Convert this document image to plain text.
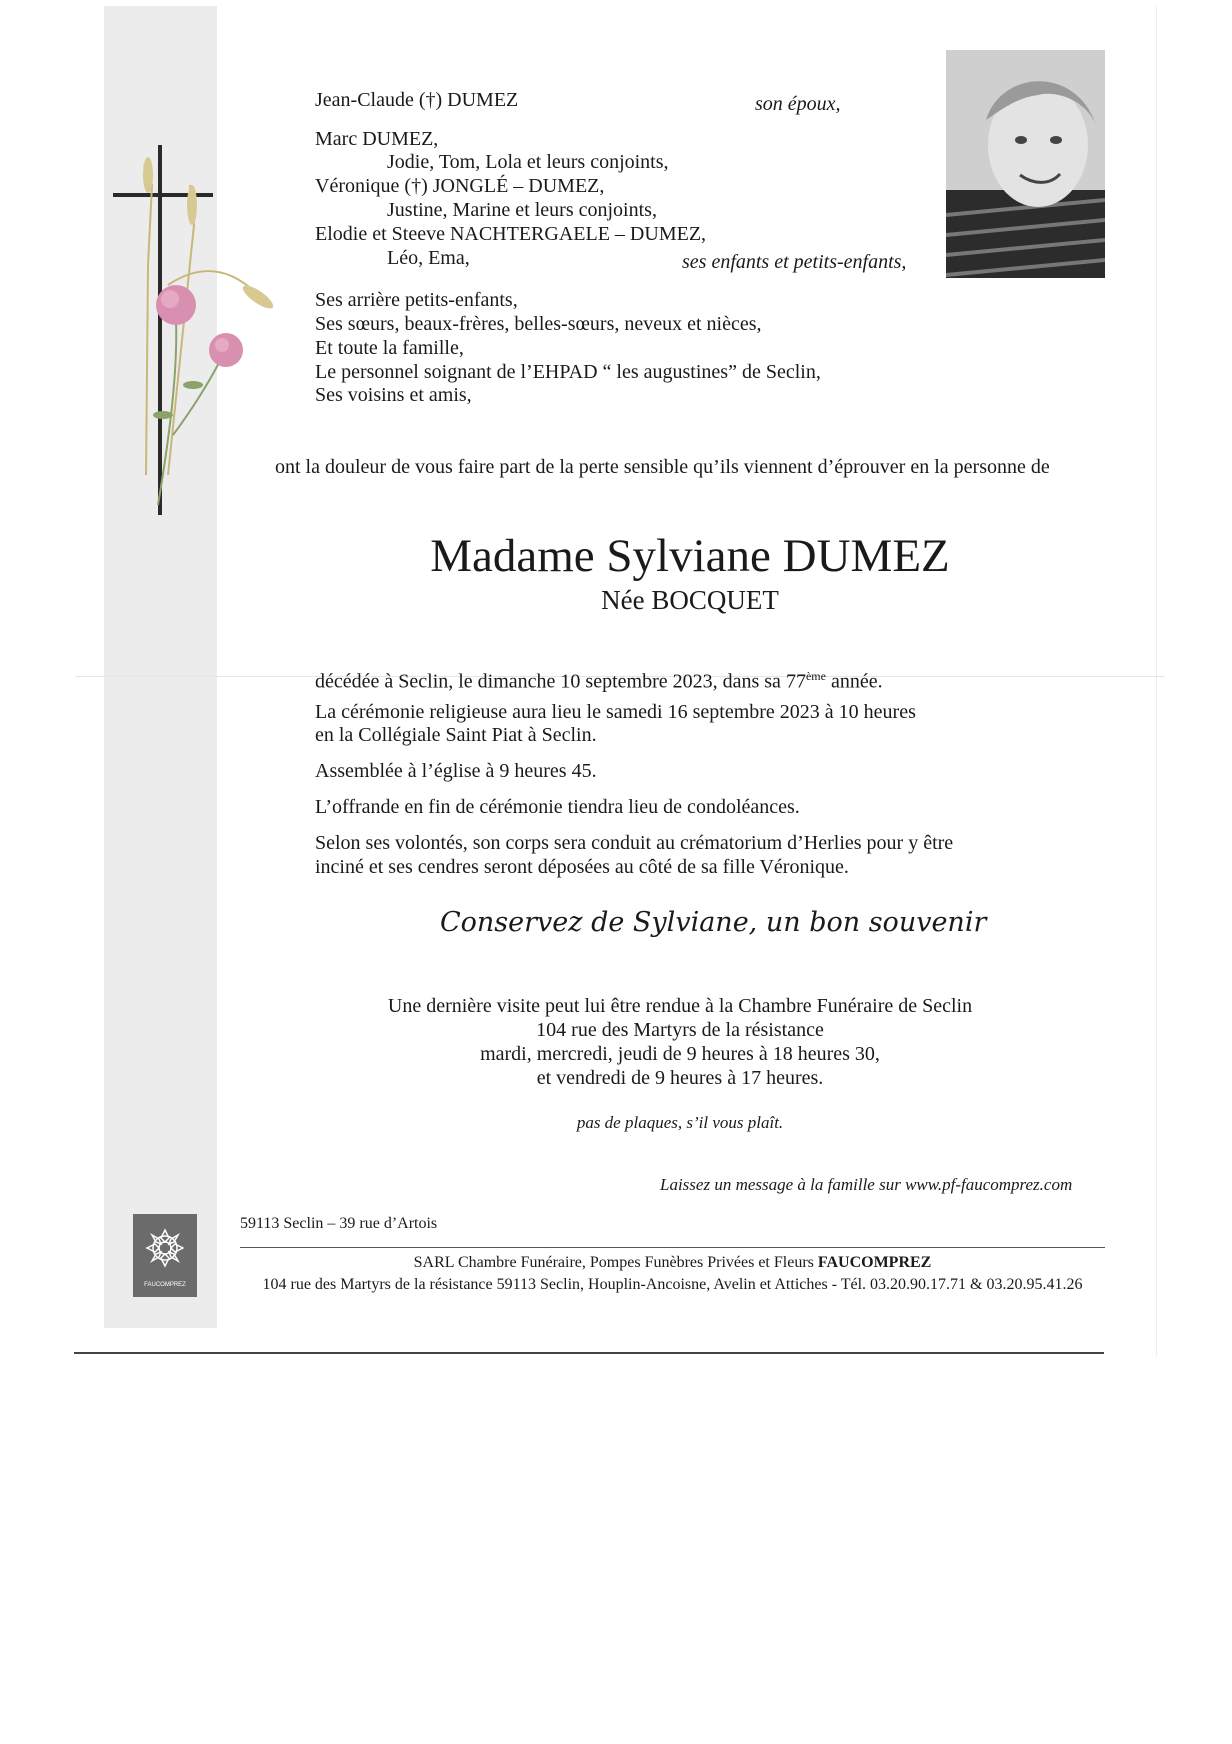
Jean-Claude (†) DUMEZ	son époux,
Marc DUMEZ,
Jodie, Tom, Lola et leurs conjoints,
Véronique (†) JONGLÉ – DUMEZ,
Justine, Marine et leurs conjoints,
Elodie et Steeve NACHTERGAELE – DUMEZ,
Léo, Ema,	ses enfants et petits-enfants,
Ses arrière petits-enfants,
Ses sœurs, beaux-frères, belles-sœurs, neveux et nièces,
Et toute la famille,
Le personnel soignant de l’EHPAD “ les augustines” de Seclin,
Ses voisins et amis,
ont la douleur de vous faire part de la perte sensible qu’ils viennent d’éprouver en la personne de
Madame Sylviane DUMEZ
Née BOCQUET
décédée à Seclin, le dimanche 10 septembre 2023, dans sa 77ème année.
La cérémonie religieuse aura lieu le samedi 16 septembre 2023 à 10 heures
en la Collégiale Saint Piat à Seclin.
Assemblée à l’église à 9 heures 45.
L’offrande en fin de cérémonie tiendra lieu de condoléances.
Selon ses volontés, son corps sera conduit au crématorium d’Herlies pour y être
inciné et ses cendres seront déposées au côté de sa fille Véronique.
Conservez de Sylviane, un bon souvenir
Une dernière visite peut lui être rendue à la Chambre Funéraire de Seclin
104 rue des Martyrs de la résistance
mardi, mercredi, jeudi de 9 heures à 18 heures 30,
et vendredi de 9 heures à 17 heures.
pas de plaques, s’il vous plaît.
Laissez un message à la famille sur www.pf-faucomprez.com
FAUCOMPREZ
59113 Seclin – 39 rue d’Artois
SARL Chambre Funéraire, Pompes Funèbres Privées et Fleurs FAUCOMPREZ
104 rue des Martyrs de la résistance 59113 Seclin, Houplin-Ancoisne, Avelin et Attiches - Tél. 03.20.90.17.71 & 03.20.95.41.26
